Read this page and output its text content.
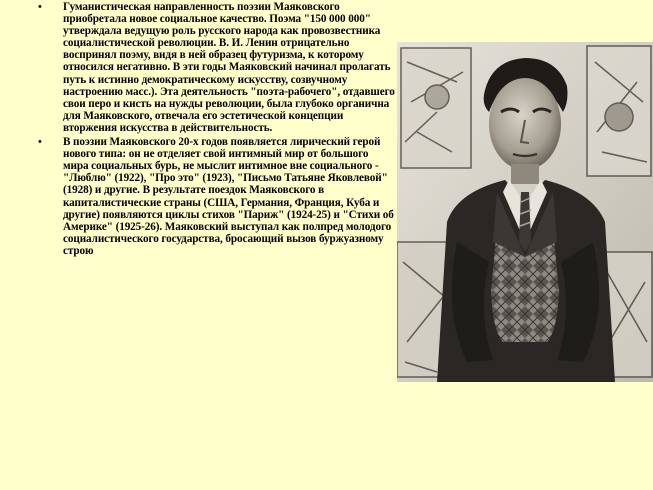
• Гуманистическая направленность поэзии Маяковского приобретала новое социальное качество. Поэма "150 000 000" утверждала ведущую роль русского народа как провозвестника социалистической революции. В. И. Ленин отрицательно воспринял поэму, видя в ней образец футуризма, к которому относился негативно. В эти годы Маяковский начинал пролагать путь к истинно демократическому искусству, созвучному настроению масс.). Эта деятельность "поэта-рабочего", отдавшего свои перо и кисть на нужды революции, была глубоко органична для Маяковского, отвечала его эстетической концепции вторжения искусства в действительность.
• В поэзии Маяковского 20-х годов появляется лирический герой нового типа: он не отделяет свой интимный мир от большого мира социальных бурь, не мыслит интимное вне социального - "Люблю" (1922), "Про это" (1923), "Письмо Татьяне Яковлевой" (1928) и другие. В результате поездок Маяковского в капиталистические страны (США, Германия, Франция, Куба и другие) появляются циклы стихов "Париж" (1924-25) и "Стихи об Америке" (1925-26). Маяковский выступал как полпред молодого социалистического государства, бросающий вызов буржуазному строю
